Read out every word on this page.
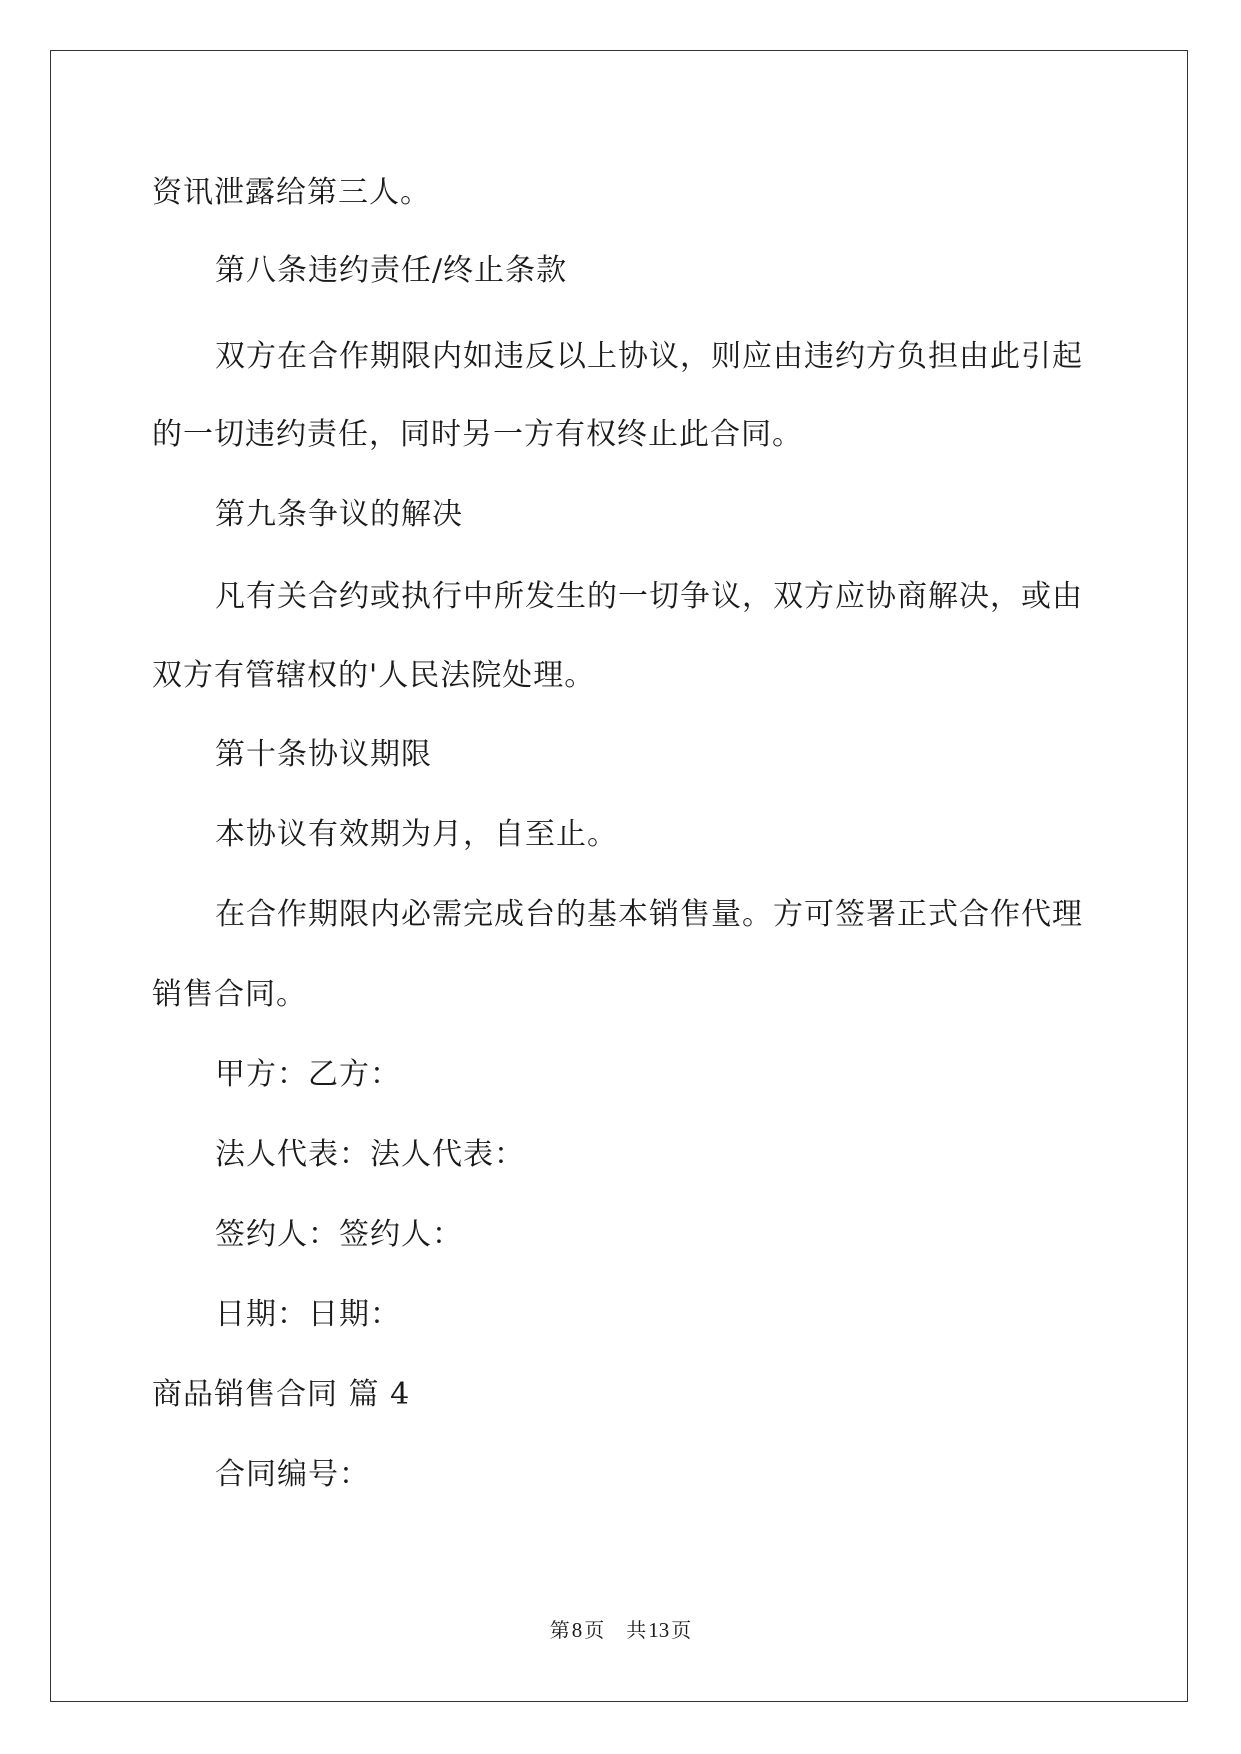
资讯泄露给第三人。
第八条违约责任/终止条款
双方在合作期限内如违反以上协议，则应由违约方负担由此引起
的一切违约责任，同时另一方有权终止此合同。
第九条争议的解决
凡有关合约或执行中所发生的一切争议，双方应协商解决，或由
双方有管辖权的'人民法院处理。
第十条协议期限
本协议有效期为月，自至止。
在合作期限内必需完成台的基本销售量。方可签署正式合作代理
销售合同。
甲方：乙方：
法人代表：法人代表：
签约人：签约人：
日期：日期：
商品销售合同 篇 4
合同编号：
第8 页 共13 页
